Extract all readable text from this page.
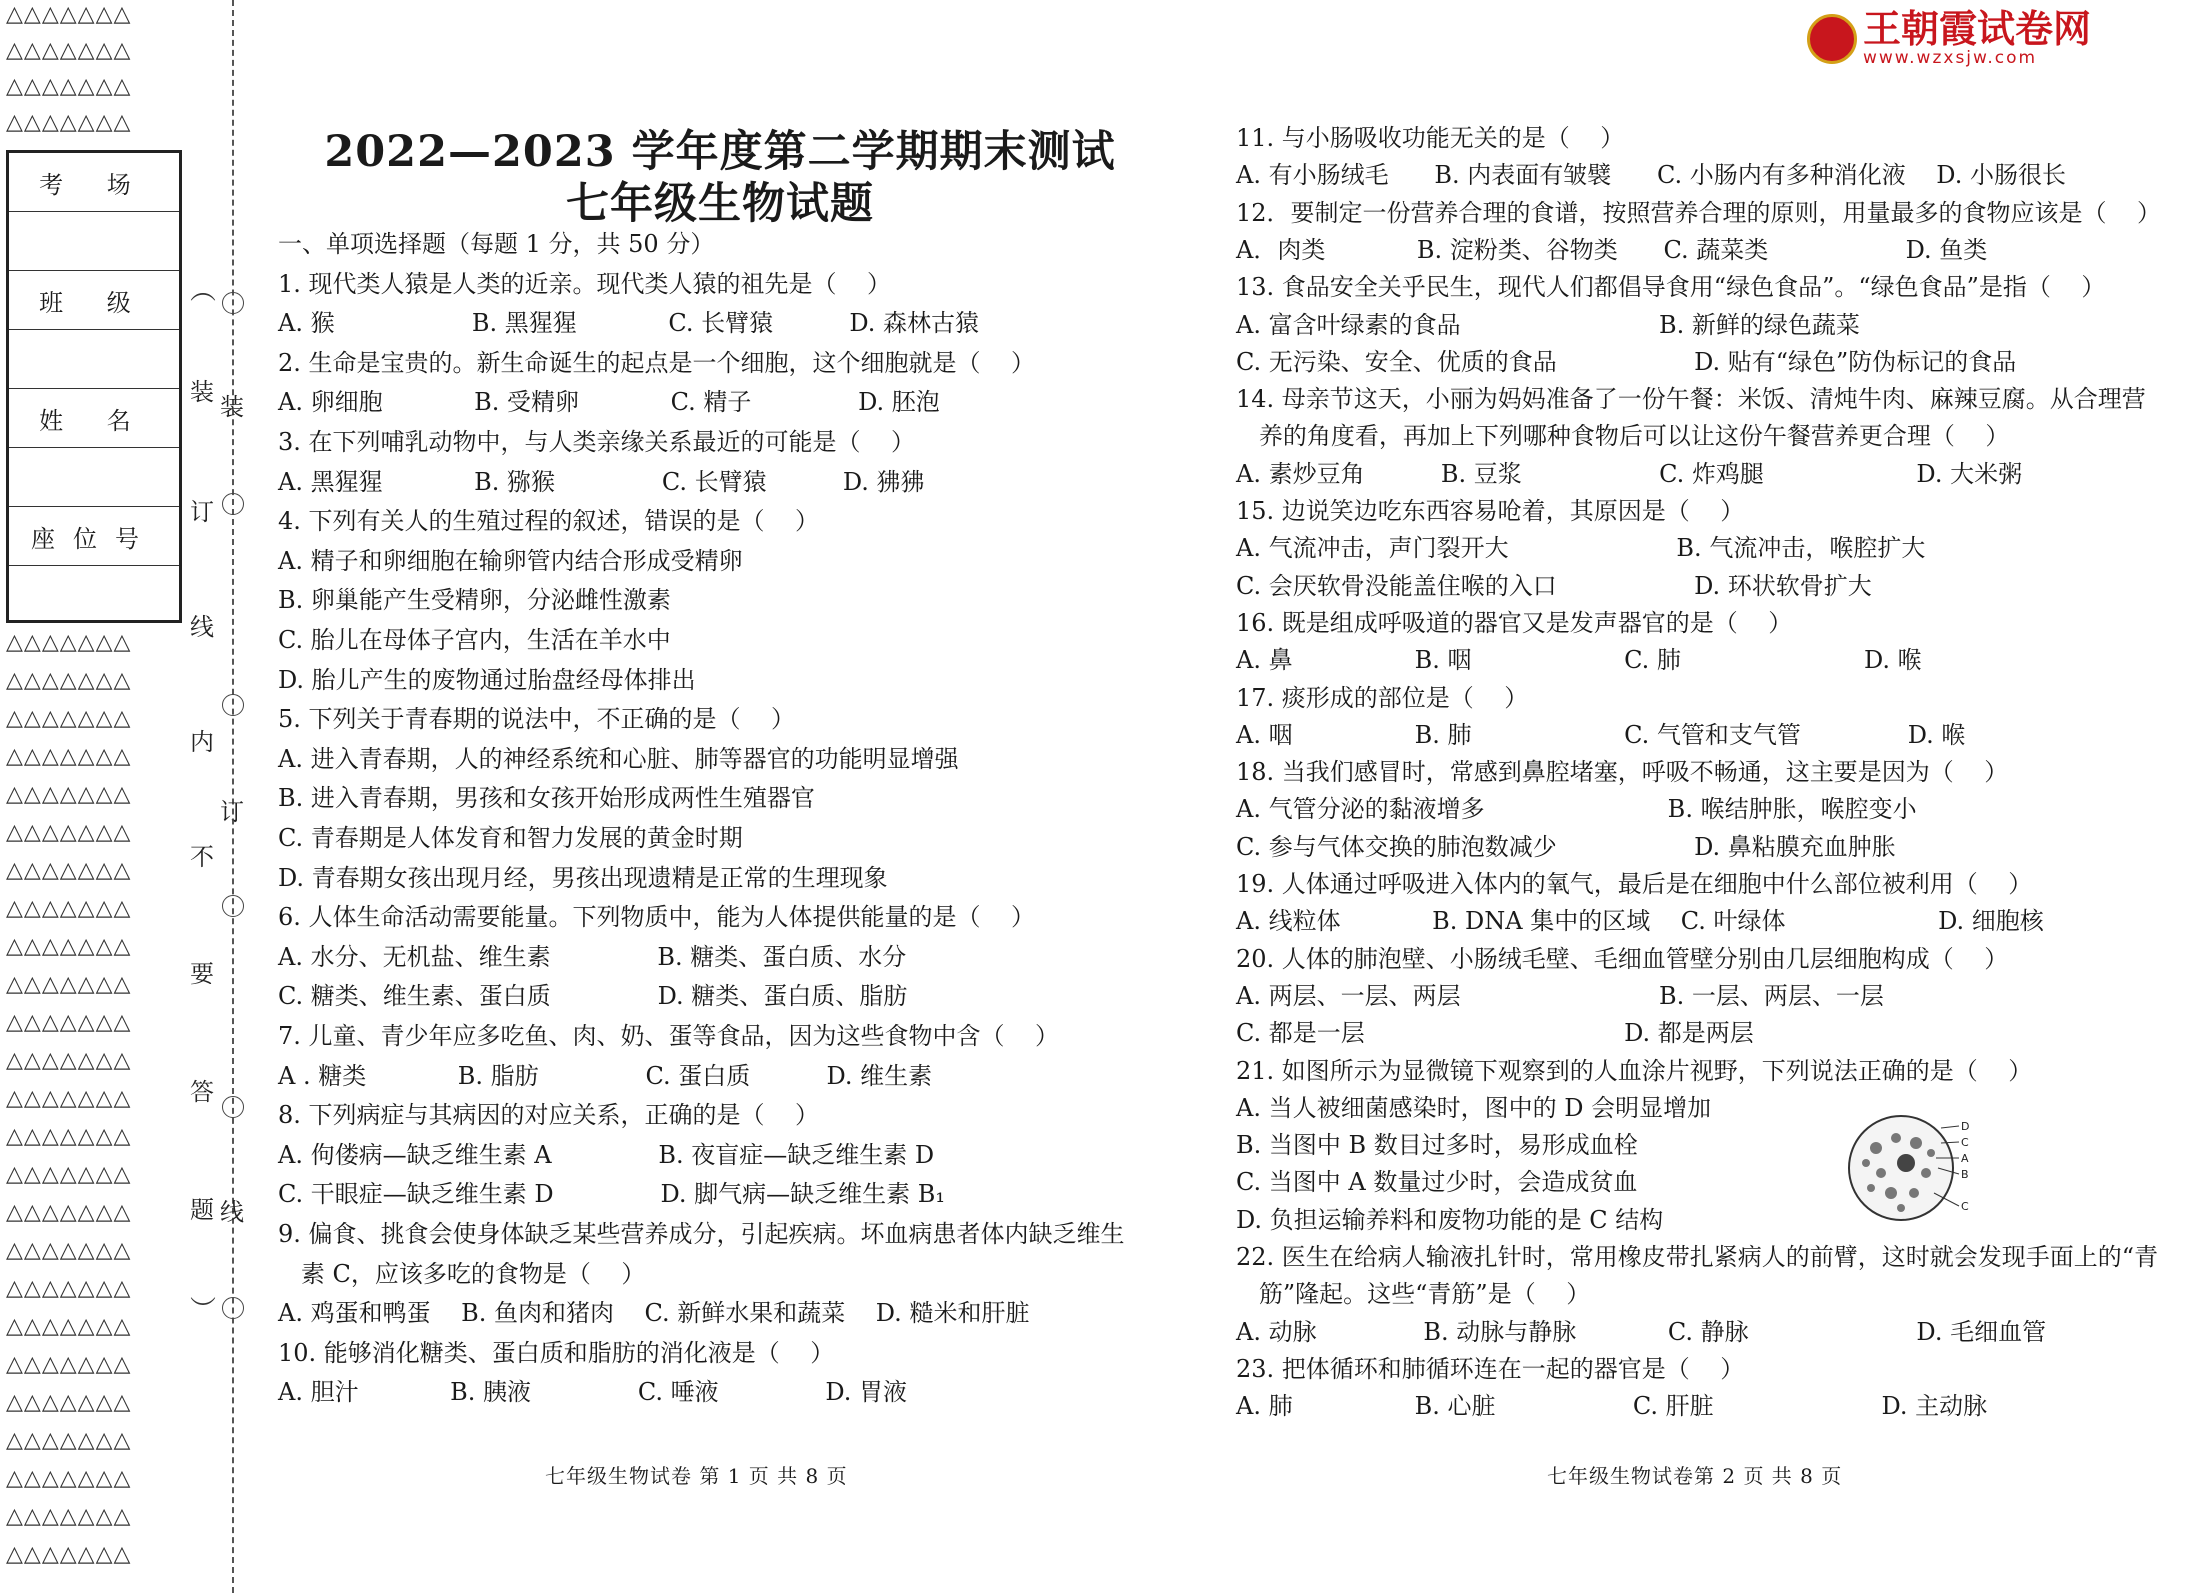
△△△△△△△
△△△△△△△
△△△△△△△
△△△△△△△
考 场
班 级
姓 名
座位号
△△△△△△△
△△△△△△△
△△△△△△△
△△△△△△△
△△△△△△△
△△△△△△△
△△△△△△△
△△△△△△△
△△△△△△△
△△△△△△△
△△△△△△△
△△△△△△△
△△△△△△△
△△△△△△△
△△△△△△△
△△△△△△△
△△△△△△△
△△△△△△△
△△△△△△△
△△△△△△△
△△△△△△△
△△△△△△△
△△△△△△△
△△△△△△△
△△△△△△△
装
订
线
内
不
要
答
题
装
订
线
︵
︶
王朝霞试卷网
www.wzxsjw.com
2022—2023 学年度第二学期期末测试
七年级生物试题
一、单项选择题（每题 1 分，共 50 分）
1. 现代类人猿是人类的近亲。现代类人猿的祖先是（    ）
A. 猴                  B. 黑猩猩            C. 长臂猿          D. 森林古猿
2. 生命是宝贵的。新生命诞生的起点是一个细胞，这个细胞就是（    ）
A. 卵细胞            B. 受精卵            C. 精子              D. 胚泡
3. 在下列哺乳动物中，与人类亲缘关系最近的可能是（    ）
A. 黑猩猩            B. 猕猴              C. 长臂猿          D. 狒狒
4. 下列有关人的生殖过程的叙述，错误的是（    ）
A. 精子和卵细胞在输卵管内结合形成受精卵
B. 卵巢能产生受精卵，分泌雌性激素
C. 胎儿在母体子宫内，生活在羊水中
D. 胎儿产生的废物通过胎盘经母体排出
5. 下列关于青春期的说法中，不正确的是（    ）
A. 进入青春期，人的神经系统和心脏、肺等器官的功能明显增强
B. 进入青春期，男孩和女孩开始形成两性生殖器官
C. 青春期是人体发育和智力发展的黄金时期
D. 青春期女孩出现月经，男孩出现遗精是正常的生理现象
6. 人体生命活动需要能量。下列物质中，能为人体提供能量的是（    ）
A. 水分、无机盐、维生素              B. 糖类、蛋白质、水分
C. 糖类、维生素、蛋白质              D. 糖类、蛋白质、脂肪
7. 儿童、青少年应多吃鱼、肉、奶、蛋等食品，因为这些食物中含（    ）
A . 糖类            B. 脂肪              C. 蛋白质          D. 维生素
8. 下列病症与其病因的对应关系，正确的是（    ）
A. 佝偻病—缺乏维生素 A              B. 夜盲症—缺乏维生素 D
C. 干眼症—缺乏维生素 D              D. 脚气病—缺乏维生素 B₁
9. 偏食、挑食会使身体缺乏某些营养成分，引起疾病。坏血病患者体内缺乏维生
素 C，应该多吃的食物是（    ）
A. 鸡蛋和鸭蛋    B. 鱼肉和猪肉    C. 新鲜水果和蔬菜    D. 糙米和肝脏
10. 能够消化糖类、蛋白质和脂肪的消化液是（    ）
A. 胆汁            B. 胰液              C. 唾液              D. 胃液
七年级生物试卷 第 1 页 共 8 页
11. 与小肠吸收功能无关的是（    ）
A. 有小肠绒毛      B. 内表面有皱襞      C. 小肠内有多种消化液    D. 小肠很长
12．要制定一份营养合理的食谱，按照营养合理的原则，用量最多的食物应该是（    ）
A．肉类            B. 淀粉类、谷物类      C. 蔬菜类                  D. 鱼类
13. 食品安全关乎民生，现代人们都倡导食用“绿色食品”。“绿色食品”是指（    ）
A. 富含叶绿素的食品                          B. 新鲜的绿色蔬菜
C. 无污染、安全、优质的食品                  D. 贴有“绿色”防伪标记的食品
14. 母亲节这天，小丽为妈妈准备了一份午餐：米饭、清炖牛肉、麻辣豆腐。从合理营
养的角度看，再加上下列哪种食物后可以让这份午餐营养更合理（    ）
A. 素炒豆角          B. 豆浆                  C. 炸鸡腿                    D. 大米粥
15. 边说笑边吃东西容易呛着，其原因是（    ）
A. 气流冲击，声门裂开大                      B. 气流冲击，喉腔扩大
C. 会厌软骨没能盖住喉的入口                  D. 环状软骨扩大
16. 既是组成呼吸道的器官又是发声器官的是（    ）
A. 鼻                B. 咽                    C. 肺                        D. 喉
17. 痰形成的部位是（    ）
A. 咽                B. 肺                    C. 气管和支气管              D. 喉
18. 当我们感冒时，常感到鼻腔堵塞，呼吸不畅通，这主要是因为（    ）
A. 气管分泌的黏液增多                        B. 喉结肿胀，喉腔变小
C. 参与气体交换的肺泡数减少                  D. 鼻粘膜充血肿胀
19. 人体通过呼吸进入体内的氧气，最后是在细胞中什么部位被利用（    ）
A. 线粒体            B. DNA 集中的区域    C. 叶绿体                    D. 细胞核
20. 人体的肺泡壁、小肠绒毛壁、毛细血管壁分别由几层细胞构成（    ）
A. 两层、一层、两层                          B. 一层、两层、一层
C. 都是一层                                  D. 都是两层
21. 如图所示为显微镜下观察到的人血涂片视野，下列说法正确的是（    ）
A. 当人被细菌感染时，图中的 D 会明显增加
B. 当图中 B 数目过多时，易形成血栓
C. 当图中 A 数量过少时，会造成贫血
D. 负担运输养料和废物功能的是 C 结构
22. 医生在给病人输液扎针时，常用橡皮带扎紧病人的前臂，这时就会发现手面上的“青
筋”隆起。这些“青筋”是（    ）
A. 动脉              B. 动脉与静脉            C. 静脉                      D. 毛细血管
23. 把体循环和肺循环连在一起的器官是（    ）
A. 肺                B. 心脏                  C. 肝脏                      D. 主动脉
D
C
A
B
C
七年级生物试卷第 2 页 共 8 页
